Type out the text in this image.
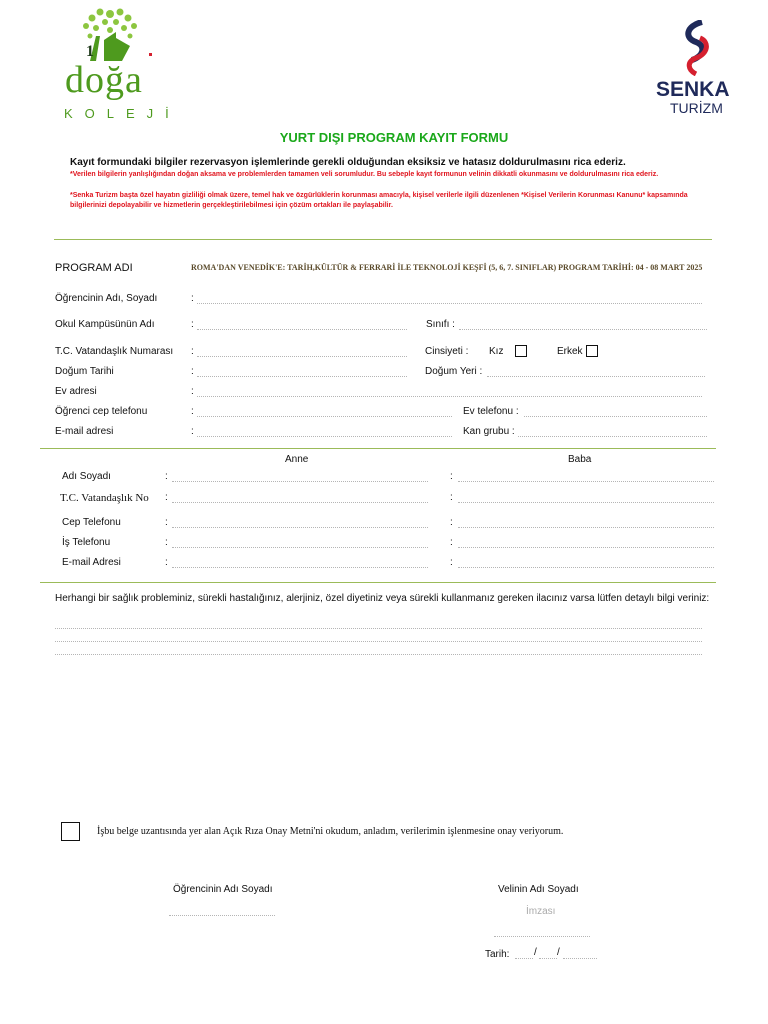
1
doğa
KOLEJİ
SENKA
TURİZM
YURT DIŞI PROGRAM KAYIT FORMU
Kayıt formundaki bilgiler rezervasyon işlemlerinde gerekli olduğundan eksiksiz ve hatasız doldurulmasını rica ederiz.
*Verilen bilgilerin yanlışlığından doğan aksama ve problemlerden tamamen veli sorumludur. Bu sebeple kayıt formunun velinin dikkatli okunmasını ve doldurulmasını rica ederiz.
*Senka Turizm başta özel hayatın gizliliği olmak üzere, temel hak ve özgürlüklerin korunması amacıyla, kişisel verilerle ilgili düzenlenen *Kişisel Verilerin Korunması Kanunu* kapsamında bilgilerinizi depolayabilir ve hizmetlerin gerçekleştirilebilmesi için çözüm ortakları ile paylaşabilir.
PROGRAM ADI	ROMA'DAN VENEDİK'E: TARİH,KÜLTÜR & FERRARİ İLE TEKNOLOJİ KEŞFİ (5, 6, 7. SINIFLAR) PROGRAM TARİHİ: 04 - 08 MART 2025
Öğrencinin Adı, Soyadı	:
Okul Kampüsünün Adı	:	Sınıfı :
T.C. Vatandaşlık Numarası :	Cinsiyeti : Kız	Erkek
Doğum Tarihi	:	Doğum Yeri :
Ev adresi	:
Öğrenci cep telefonu	:	Ev telefonu :
E-mail adresi	:	Kan grubu :
Anne	Baba
Adı Soyadı	:	:
T.C. Vatandaşlık No :	:
Cep Telefonu	:	:
İş Telefonu	:	:
E-mail Adresi	:	:
Herhangi bir sağlık probleminiz, sürekli hastalığınız, alerjiniz, özel diyetiniz veya sürekli kullanmanız gereken ilacınız varsa lütfen detaylı bilgi veriniz:
İşbu belge uzantısında yer alan Açık Rıza Onay Metni'ni okudum, anladım, verilerimin işlenmesine onay veriyorum.
Öğrencinin Adı Soyadı	Velinin Adı Soyadı
İmzası
Tarih: / /
